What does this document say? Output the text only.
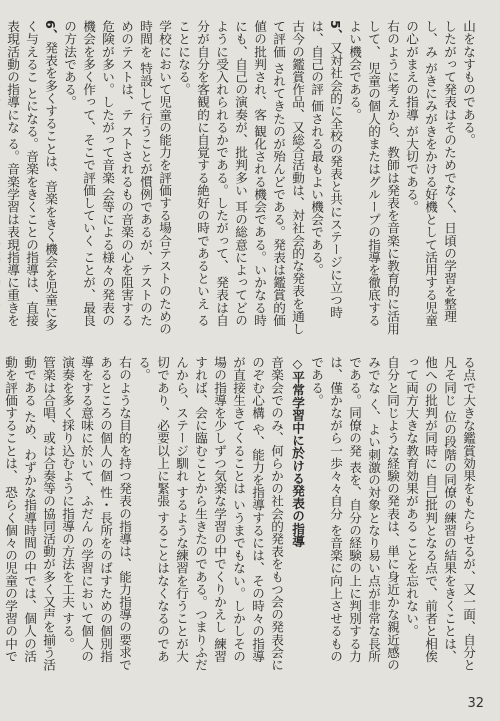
山をなすものである。

したがって発表はそのためでなく、日頃の学習を整理し、み がきにみがきをかける好機として活用する児童の心がまえの指導 が大切である。

右のように考えから、教師は発表を音楽に教育的に活用して、 児童の個人的またはグループの指導を徹底するよい機会である。

5、又対社会的に全校の発表と共にステージに立つ時は、自己の評 価される最もよい機会である。

古今の鑑賞作品、又総合活動は、対社会的な発表を通して評価 されてきたのが殆んどである。発表は鑑賞的価値の批判され、客 観化される機会である。いかなる時にも、自己の演奏が、批判多い 耳の総意によってどのように受入れられるかである。したがって、 発表は自分が自分を客観的に自覚する絶好の時であるといえ ることになる。

学校において児童の能力を評価する場合テストのための時間を 特設して行うことが慣例であるが、テストのためのテストは、テ ストされるもの音楽の心を阻害する危険が多い。したがって音楽 会等による様々の発表の機会を多く作って、そこで評価していく ことが、最良の方法である。

6、発表を多くすることは、音楽をきく機会を児童に多く与えるこ とになる。音楽をきくことの指導は、直接表現活動の指導にな る。音楽学習は表現指導に重きを

る点で大きな鑑賞効果をもたらせるが、又一面、自分と凡そ同じ 位の段階の同僚の練習の結果をきくことは、他への批判が同時に 自己批判となる点で、前者と相俟って両方大きな教育効果がある ことを忘れない。

自分と同じような経験の発表は、単に身近かな親近感のみでな く、よい刺激の対象となり易い点が非常な長所である。同僚の発 表を、自分の経験の上に判別する力は、僅かながら一歩々々自分 を音楽に向上させるものである。

◇平常学習中に於ける発表の指導

音楽会でのみ、何らかの社会的発表をもつ会の発表会にのぞむ心構 や、能力を指導するには、その時々の指導が直接生きてくることは いうまでもない。しかしその場の指導を少しずつ気楽な学習の中でくりかえし 練習すれば、会に臨むことから生きたのである。つまりふだんから、ステージ馴れ するような練習を行うことが大切であり、必要以上に緊張 することはなくなるのである。

右のような目的を持つ発表の指導は、能力指導の要求であるところの個人の個 性・長所をのばすための個別指導をする意味に於いて、ふだん の学習において個人の演奏を多く採り込むように指導の方法を工夫 する。

管楽は合唱、或は合奏等の協同活動が多く又声を揃う活動である ため、わずかな指導時間の中では、個人の活動を評価することは、 恐らく個々の児童の学習の中で

32
